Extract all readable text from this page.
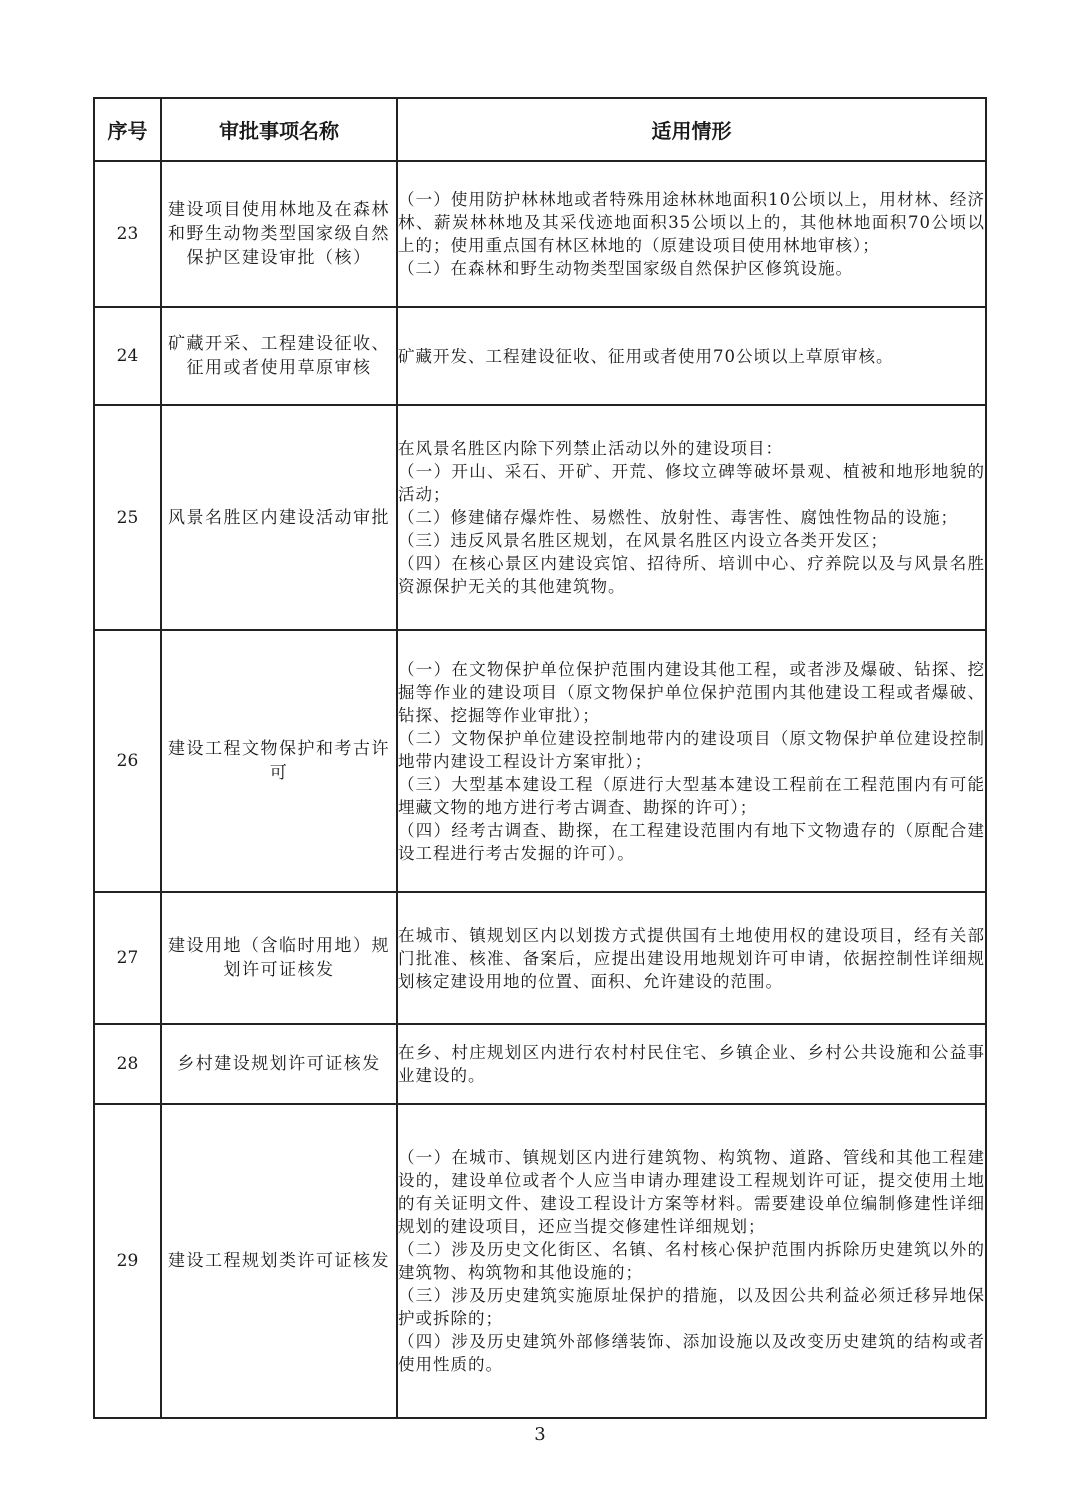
序号	审批事项名称	适用情形
23	建设项目使用林地及在森林和野生动物类型国家级自然保护区建设审批（核）	（一）使用防护林林地或者特殊用途林林地面积10公顷以上，用材林、经济林、薪炭林林地及其采伐迹地面积35公顷以上的，其他林地面积70公顷以上的；使用重点国有林区林地的（原建设项目使用林地审核）；

（二）在森林和野生动物类型国家级自然保护区修筑设施。

24	矿藏开采、工程建设征收、征用或者使用草原审核	矿藏开发、工程建设征收、征用或者使用70公顷以上草原审核。

25	风景名胜区内建设活动审批	在风景名胜区内除下列禁止活动以外的建设项目：

（一）开山、采石、开矿、开荒、修坟立碑等破坏景观、植被和地形地貌的活动；

（二）修建储存爆炸性、易燃性、放射性、毒害性、腐蚀性物品的设施；

（三）违反风景名胜区规划，在风景名胜区内设立各类开发区；

（四）在核心景区内建设宾馆、招待所、培训中心、疗养院以及与风景名胜资源保护无关的其他建筑物。

26	建设工程文物保护和考古许可	（一）在文物保护单位保护范围内建设其他工程，或者涉及爆破、钻探、挖掘等作业的建设项目（原文物保护单位保护范围内其他建设工程或者爆破、钻探、挖掘等作业审批）；

（二）文物保护单位建设控制地带内的建设项目（原文物保护单位建设控制地带内建设工程设计方案审批）；

（三）大型基本建设工程（原进行大型基本建设工程前在工程范围内有可能埋藏文物的地方进行考古调查、勘探的许可）；

（四）经考古调查、勘探，在工程建设范围内有地下文物遗存的（原配合建设工程进行考古发掘的许可）。

27	建设用地（含临时用地）规划许可证核发	在城市、镇规划区内以划拨方式提供国有土地使用权的建设项目，经有关部门批准、核准、备案后，应提出建设用地规划许可申请，依据控制性详细规划核定建设用地的位置、面积、允许建设的范围。

28	乡村建设规划许可证核发	在乡、村庄规划区内进行农村村民住宅、乡镇企业、乡村公共设施和公益事业建设的。

29	建设工程规划类许可证核发	（一）在城市、镇规划区内进行建筑物、构筑物、道路、管线和其他工程建设的，建设单位或者个人应当申请办理建设工程规划许可证，提交使用土地的有关证明文件、建设工程设计方案等材料。需要建设单位编制修建性详细规划的建设项目，还应当提交修建性详细规划；

（二）涉及历史文化街区、名镇、名村核心保护范围内拆除历史建筑以外的建筑物、构筑物和其他设施的；

（三）涉及历史建筑实施原址保护的措施，以及因公共利益必须迁移异地保护或拆除的；

（四）涉及历史建筑外部修缮装饰、添加设施以及改变历史建筑的结构或者使用性质的。

3
